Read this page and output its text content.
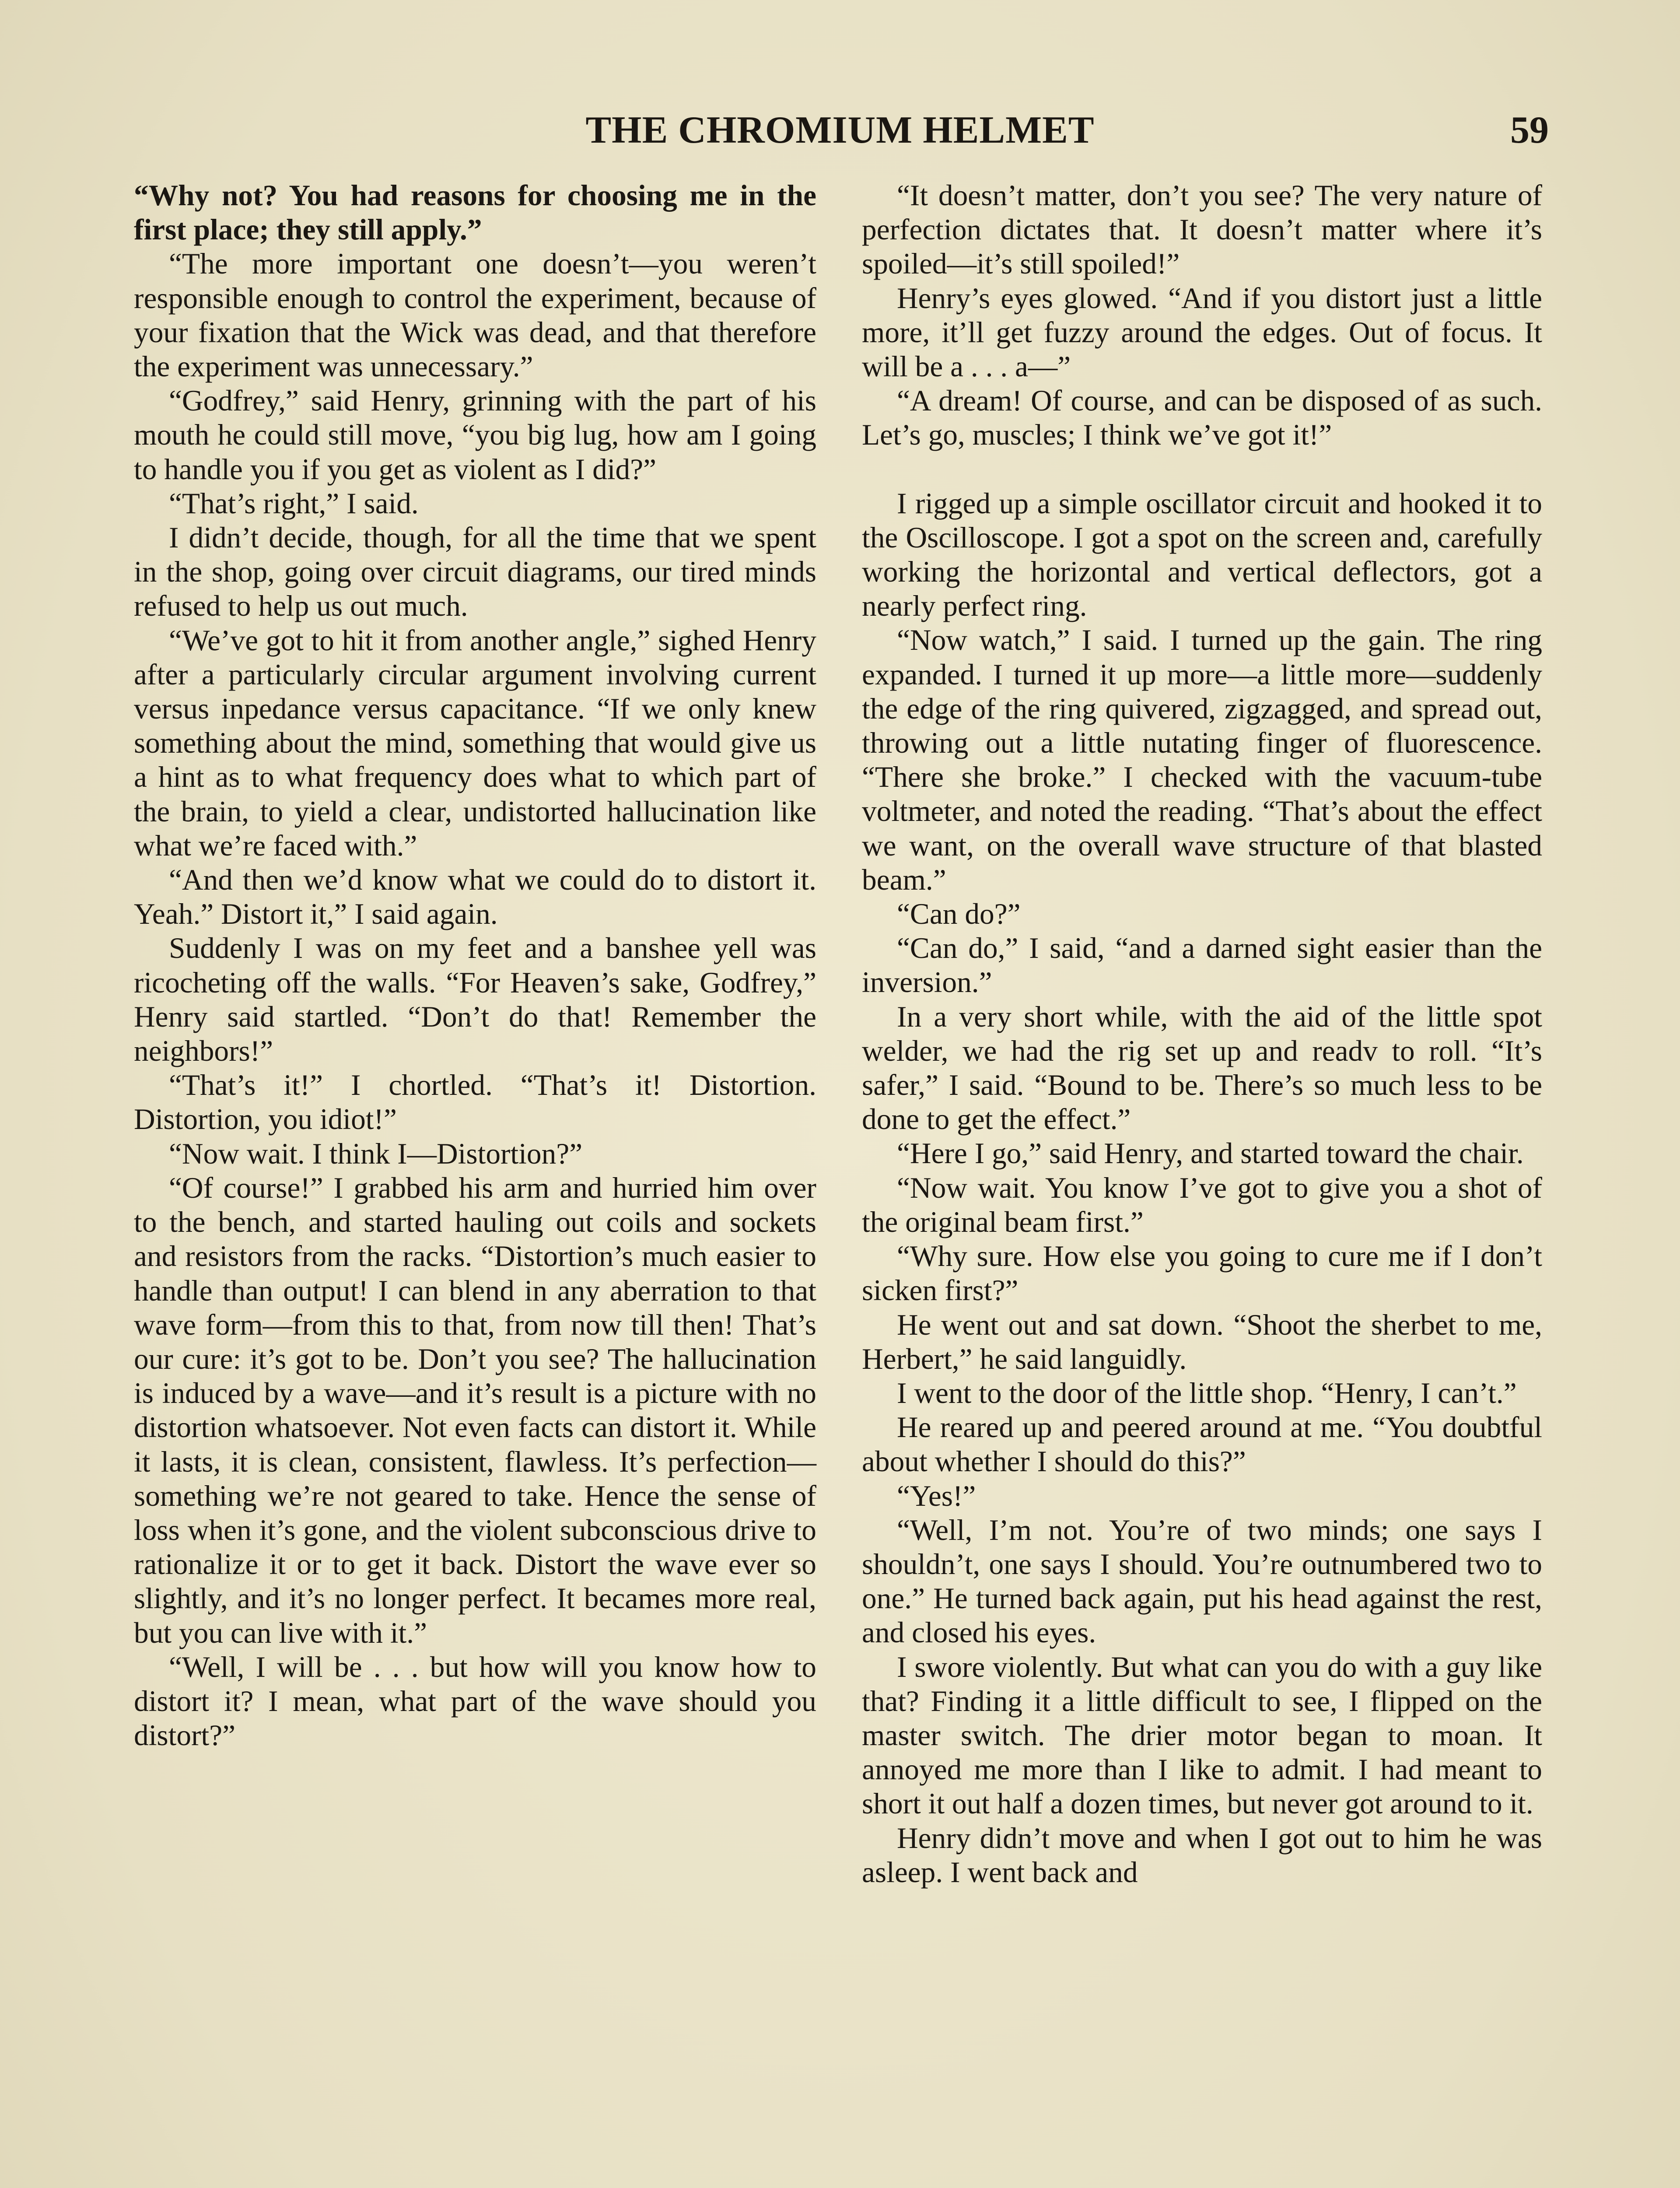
THE CHROMIUM HELMET	59

“Why not? You had reasons for choosing me in the first place; they still apply.”

“The more important one doesn’t—you weren’t responsible enough to control the experiment, because of your fixation that the Wick was dead, and that therefore the experiment was unnecessary.”

“Godfrey,” said Henry, grinning with the part of his mouth he could still move, “you big lug, how am I going to handle you if you get as violent as I did?”

“That’s right,” I said.

I didn’t decide, though, for all the time that we spent in the shop, going over circuit diagrams, our tired minds refused to help us out much.

“We’ve got to hit it from another angle,” sighed Henry after a particularly circular argument involving current versus inpedance versus capacitance. “If we only knew something about the mind, something that would give us a hint as to what frequency does what to which part of the brain, to yield a clear, undistorted hallucination like what we’re faced with.”

“And then we’d know what we could do to distort it. Yeah.” Distort it,” I said again.

Suddenly I was on my feet and a banshee yell was ricocheting off the walls. “For Heaven’s sake, Godfrey,” Henry said startled. “Don’t do that! Remember the neighbors!”

“That’s it!” I chortled. “That’s it! Distortion. Distortion, you idiot!”

“Now wait. I think I—Distortion?”

“Of course!” I grabbed his arm and hurried him over to the bench, and started hauling out coils and sockets and resistors from the racks. “Distortion’s much easier to handle than output! I can blend in any aberration to that wave form—from this to that, from now till then! That’s our cure: it’s got to be. Don’t you see? The hallucination is induced by a wave—and it’s result is a picture with no distortion whatsoever. Not even facts can distort it. While it lasts, it is clean, consistent, flawless. It’s perfection—something we’re not geared to take. Hence the sense of loss when it’s gone, and the violent subconscious drive to rationalize it or to get it back. Distort the wave ever so slightly, and it’s no longer perfect. It becames more real, but you can live with it.”

“Well, I will be . . . but how will you know how to distort it? I mean, what part of the wave should you distort?”

“It doesn’t matter, don’t you see? The very nature of perfection dictates that. It doesn’t matter where it’s spoiled—it’s still spoiled!”

Henry’s eyes glowed. “And if you distort just a little more, it’ll get fuzzy around the edges. Out of focus. It will be a . . . a—”

“A dream! Of course, and can be disposed of as such. Let’s go, muscles; I think we’ve got it!”

I rigged up a simple oscillator circuit and hooked it to the Oscilloscope. I got a spot on the screen and, carefully working the horizontal and vertical deflectors, got a nearly perfect ring.

“Now watch,” I said. I turned up the gain. The ring expanded. I turned it up more—a little more—suddenly the edge of the ring quivered, zigzagged, and spread out, throwing out a little nutating finger of fluorescence. “There she broke.” I checked with the vacuum-tube voltmeter, and noted the reading. “That’s about the effect we want, on the overall wave structure of that blasted beam.”

“Can do?”

“Can do,” I said, “and a darned sight easier than the inversion.”

In a very short while, with the aid of the little spot welder, we had the rig set up and readv to roll. “It’s safer,” I said. “Bound to be. There’s so much less to be done to get the effect.”

“Here I go,” said Henry, and started toward the chair.

“Now wait. You know I’ve got to give you a shot of the original beam first.”

“Why sure. How else you going to cure me if I don’t sicken first?”

He went out and sat down. “Shoot the sherbet to me, Herbert,” he said languidly.

I went to the door of the little shop. “Henry, I can’t.”

He reared up and peered around at me. “You doubtful about whether I should do this?”

“Yes!”

“Well, I’m not. You’re of two minds; one says I shouldn’t, one says I should. You’re outnumbered two to one.” He turned back again, put his head against the rest, and closed his eyes.

I swore violently. But what can you do with a guy like that? Finding it a little difficult to see, I flipped on the master switch. The drier motor began to moan. It annoyed me more than I like to admit. I had meant to short it out half a dozen times, but never got around to it.

Henry didn’t move and when I got out to him he was asleep. I went back and
